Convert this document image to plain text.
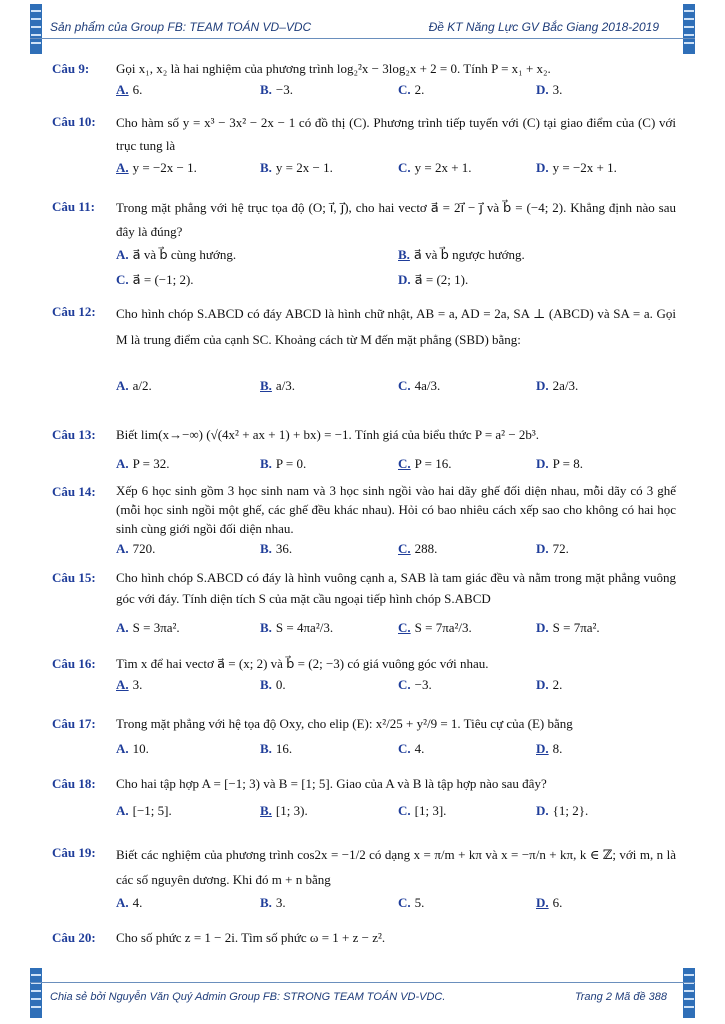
Sản phẩm của Group FB: TEAM TOÁN VD–VDC	Đề KT Năng Lực GV Bắc Giang 2018-2019
Câu 9: Gọi x₁, x₂ là hai nghiệm của phương trình log₂²x − 3log₂x + 2 = 0. Tính P = x₁ + x₂.
A. 6.	B. −3.	C. 2.	D. 3.
Câu 10: Cho hàm số y = x³ − 3x² − 2x − 1 có đồ thị (C). Phương trình tiếp tuyến với (C) tại giao điểm của (C) với trục tung là
A. y = −2x − 1.	B. y = 2x − 1.	C. y = 2x + 1.	D. y = −2x + 1.
Câu 11: Trong mặt phẳng với hệ trục tọa độ (O; i⃗, j⃗), cho hai vectơ a⃗ = 2i⃗ − j⃗ và b⃗ = (−4; 2). Khẳng định nào sau đây là đúng?
A. a⃗ và b⃗ cùng hướng.	B. a⃗ và b⃗ ngược hướng.
C. a⃗ = (−1; 2).	D. a⃗ = (2; 1).
Câu 12: Cho hình chóp S.ABCD có đáy ABCD là hình chữ nhật, AB = a, AD = 2a, SA ⊥ (ABCD) và SA = a. Gọi M là trung điểm của cạnh SC. Khoảng cách từ M đến mặt phẳng (SBD) bằng:
A. a/2.	B. a/3.	C. 4a/3.	D. 2a/3.
Câu 13: Biết lim(x→−∞) (√(4x² + ax + 1) + bx) = −1. Tính giá của biểu thức P = a² − 2b³.
A. P = 32.	B. P = 0.	C. P = 16.	D. P = 8.
Câu 14: Xếp 6 học sinh gồm 3 học sinh nam và 3 học sinh ngồi vào hai dãy ghế đối diện nhau, mỗi dãy có 3 ghế (mỗi học sinh ngồi một ghế, các ghế đều khác nhau). Hỏi có bao nhiêu cách xếp sao cho không có hai học sinh cùng giới ngồi đối diện nhau.
A. 720.	B. 36.	C. 288.	D. 72.
Câu 15: Cho hình chóp S.ABCD có đáy là hình vuông cạnh a, SAB là tam giác đều và nằm trong mặt phẳng vuông góc với đáy. Tính diện tích S của mặt cầu ngoại tiếp hình chóp S.ABCD
A. S = 3πa².	B. S = 4πa²/3.	C. S = 7πa²/3.	D. S = 7πa².
Câu 16: Tìm x để hai vectơ a⃗ = (x; 2) và b⃗ = (2; −3) có giá vuông góc với nhau.
A. 3.	B. 0.	C. −3.	D. 2.
Câu 17: Trong mặt phẳng với hệ tọa độ Oxy, cho elip (E): x²/25 + y²/9 = 1. Tiêu cự của (E) bằng
A. 10.	B. 16.	C. 4.	D. 8.
Câu 18: Cho hai tập hợp A = [−1; 3) và B = [1; 5]. Giao của A và B là tập hợp nào sau đây?
A. [−1; 5].	B. [1; 3).	C. [1; 3].	D. {1; 2}.
Câu 19: Biết các nghiệm của phương trình cos2x = −1/2 có dạng x = π/m + kπ và x = −π/n + kπ, k ∈ ℤ; với m, n là các số nguyên dương. Khi đó m + n bằng
A. 4.	B. 3.	C. 5.	D. 6.
Câu 20: Cho số phức z = 1 − 2i. Tìm số phức ω = 1 + z − z².
Chia sẻ bởi Nguyễn Văn Quý Admin Group FB: STRONG TEAM TOÁN VD-VDC.	Trang 2 Mã đề 388
